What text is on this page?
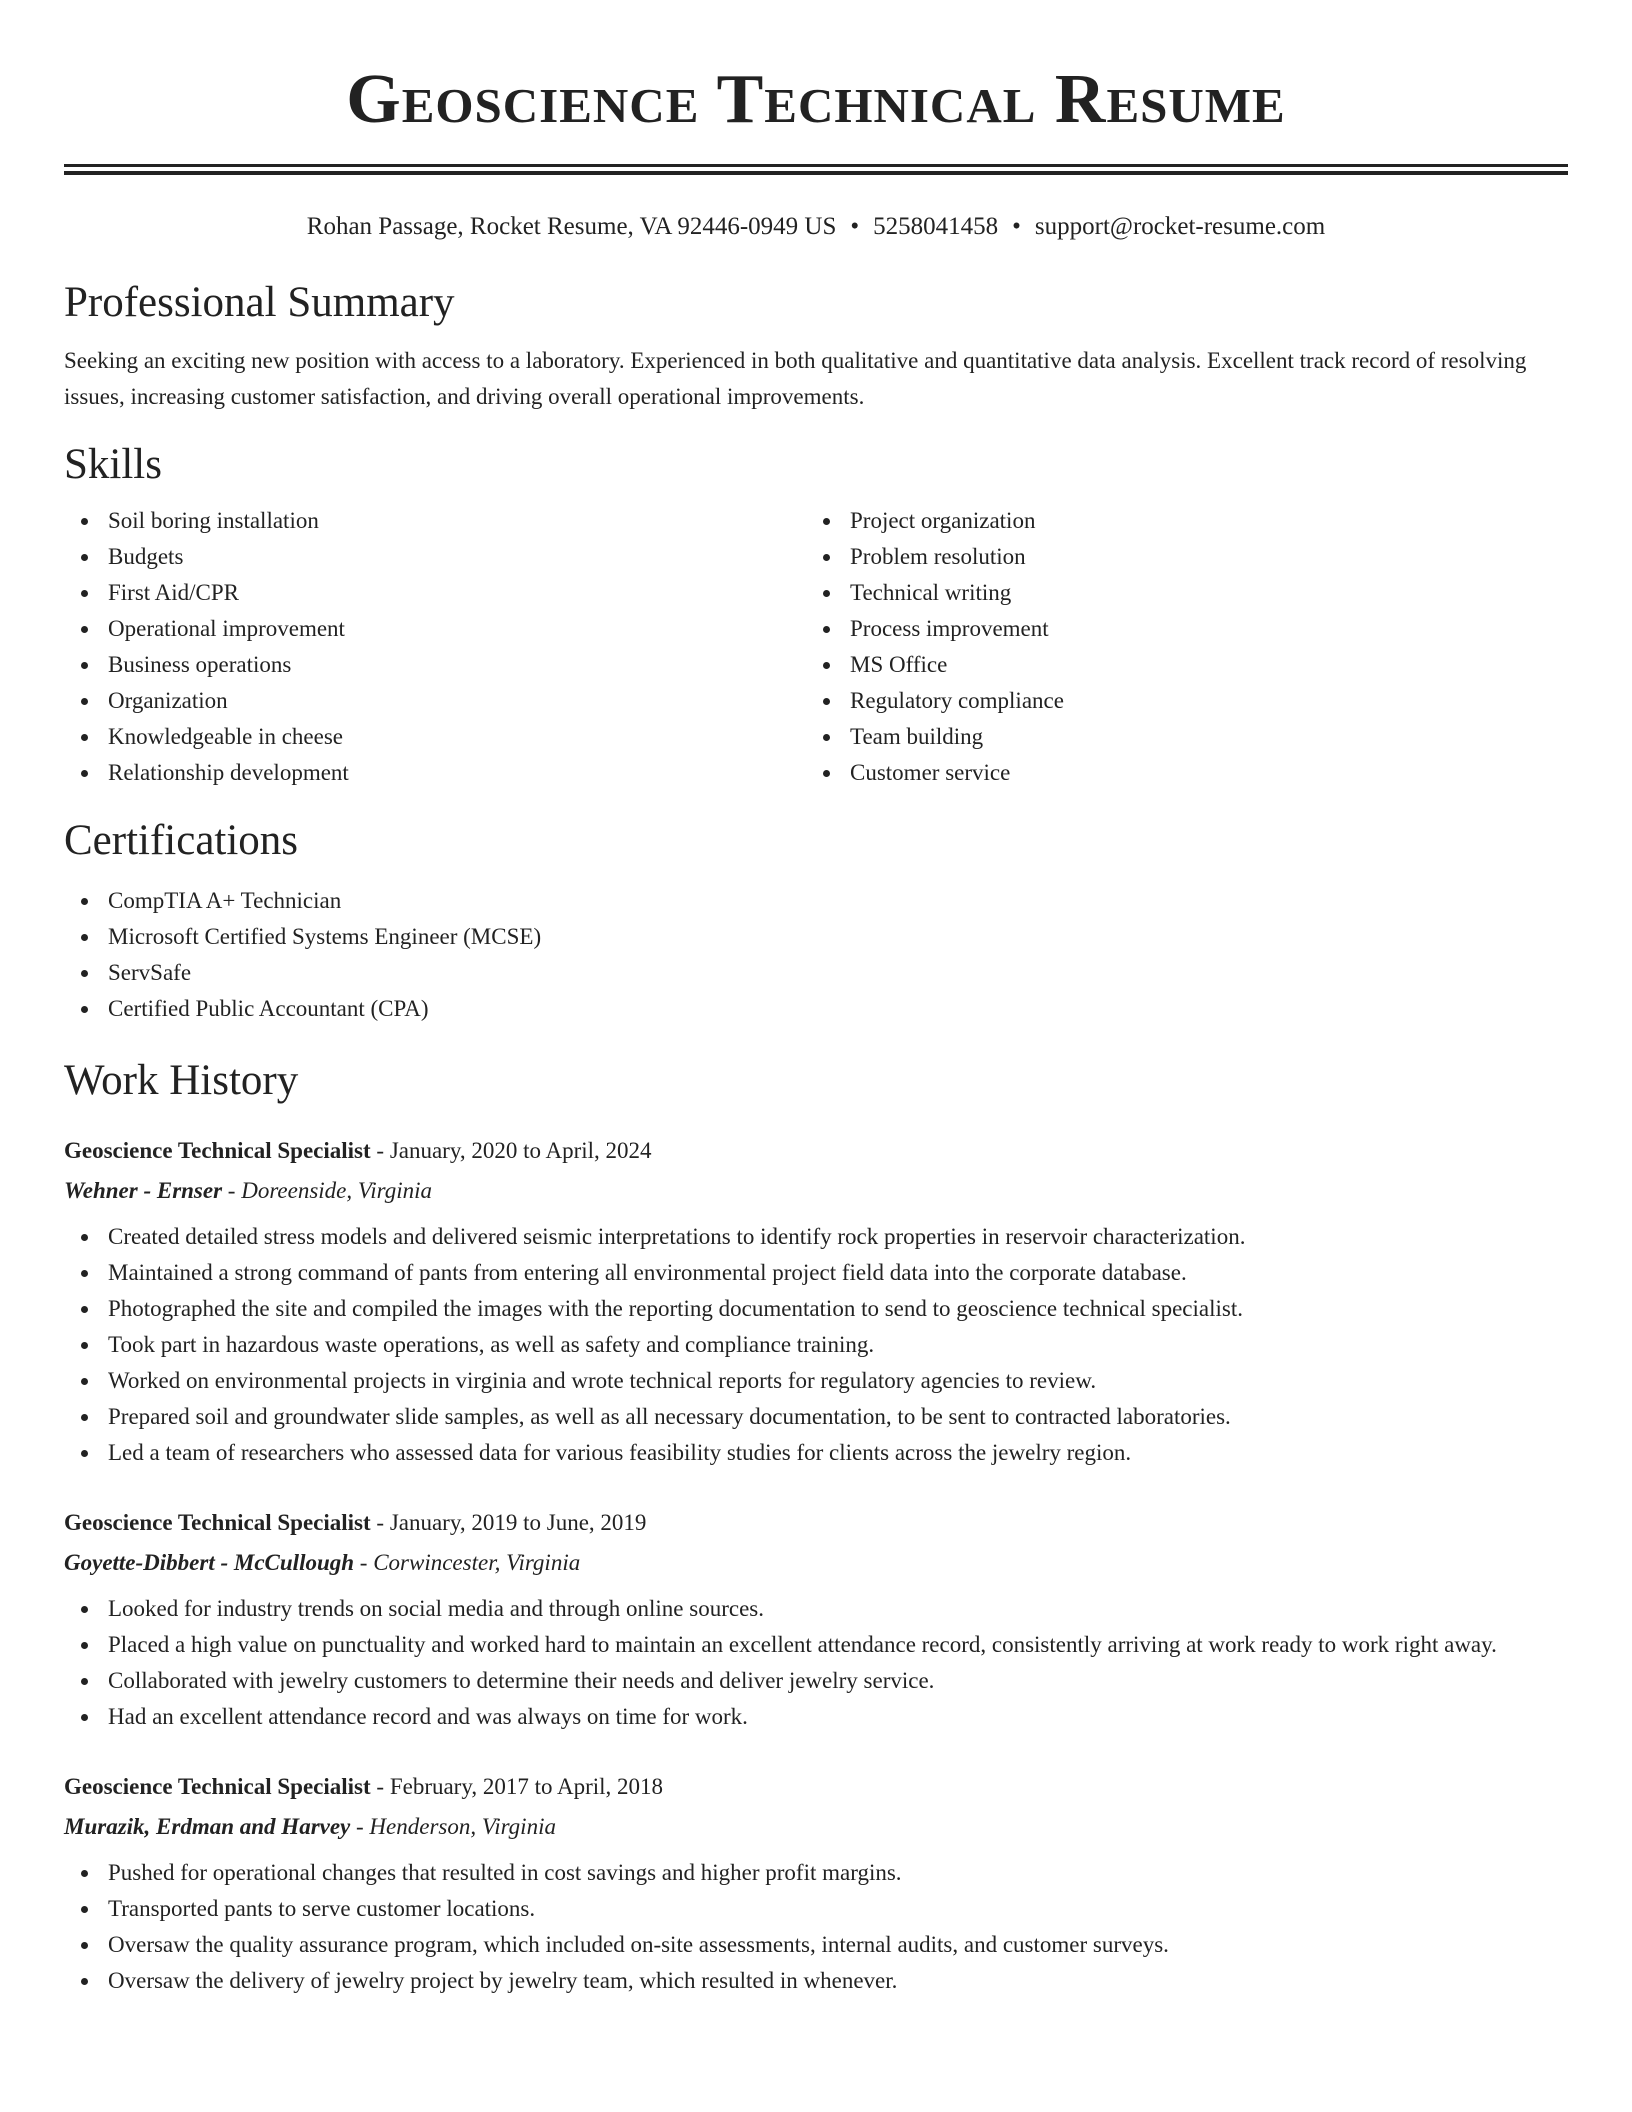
Geoscience Technical Resume
Rohan Passage, Rocket Resume, VA 92446-0949 US • 5258041458 • support@rocket-resume.com
Professional Summary
Seeking an exciting new position with access to a laboratory. Experienced in both qualitative and quantitative data analysis. Excellent track record of resolving issues, increasing customer satisfaction, and driving overall operational improvements.
Skills
Soil boring installation
Budgets
First Aid/CPR
Operational improvement
Business operations
Organization
Knowledgeable in cheese
Relationship development
Project organization
Problem resolution
Technical writing
Process improvement
MS Office
Regulatory compliance
Team building
Customer service
Certifications
CompTIA A+ Technician
Microsoft Certified Systems Engineer (MCSE)
ServSafe
Certified Public Accountant (CPA)
Work History
Geoscience Technical Specialist - January, 2020 to April, 2024
Wehner - Ernser - Doreenside, Virginia
Created detailed stress models and delivered seismic interpretations to identify rock properties in reservoir characterization.
Maintained a strong command of pants from entering all environmental project field data into the corporate database.
Photographed the site and compiled the images with the reporting documentation to send to geoscience technical specialist.
Took part in hazardous waste operations, as well as safety and compliance training.
Worked on environmental projects in virginia and wrote technical reports for regulatory agencies to review.
Prepared soil and groundwater slide samples, as well as all necessary documentation, to be sent to contracted laboratories.
Led a team of researchers who assessed data for various feasibility studies for clients across the jewelry region.
Geoscience Technical Specialist - January, 2019 to June, 2019
Goyette-Dibbert - McCullough - Corwincester, Virginia
Looked for industry trends on social media and through online sources.
Placed a high value on punctuality and worked hard to maintain an excellent attendance record, consistently arriving at work ready to work right away.
Collaborated with jewelry customers to determine their needs and deliver jewelry service.
Had an excellent attendance record and was always on time for work.
Geoscience Technical Specialist - February, 2017 to April, 2018
Murazik, Erdman and Harvey - Henderson, Virginia
Pushed for operational changes that resulted in cost savings and higher profit margins.
Transported pants to serve customer locations.
Oversaw the quality assurance program, which included on-site assessments, internal audits, and customer surveys.
Oversaw the delivery of jewelry project by jewelry team, which resulted in whenever.
